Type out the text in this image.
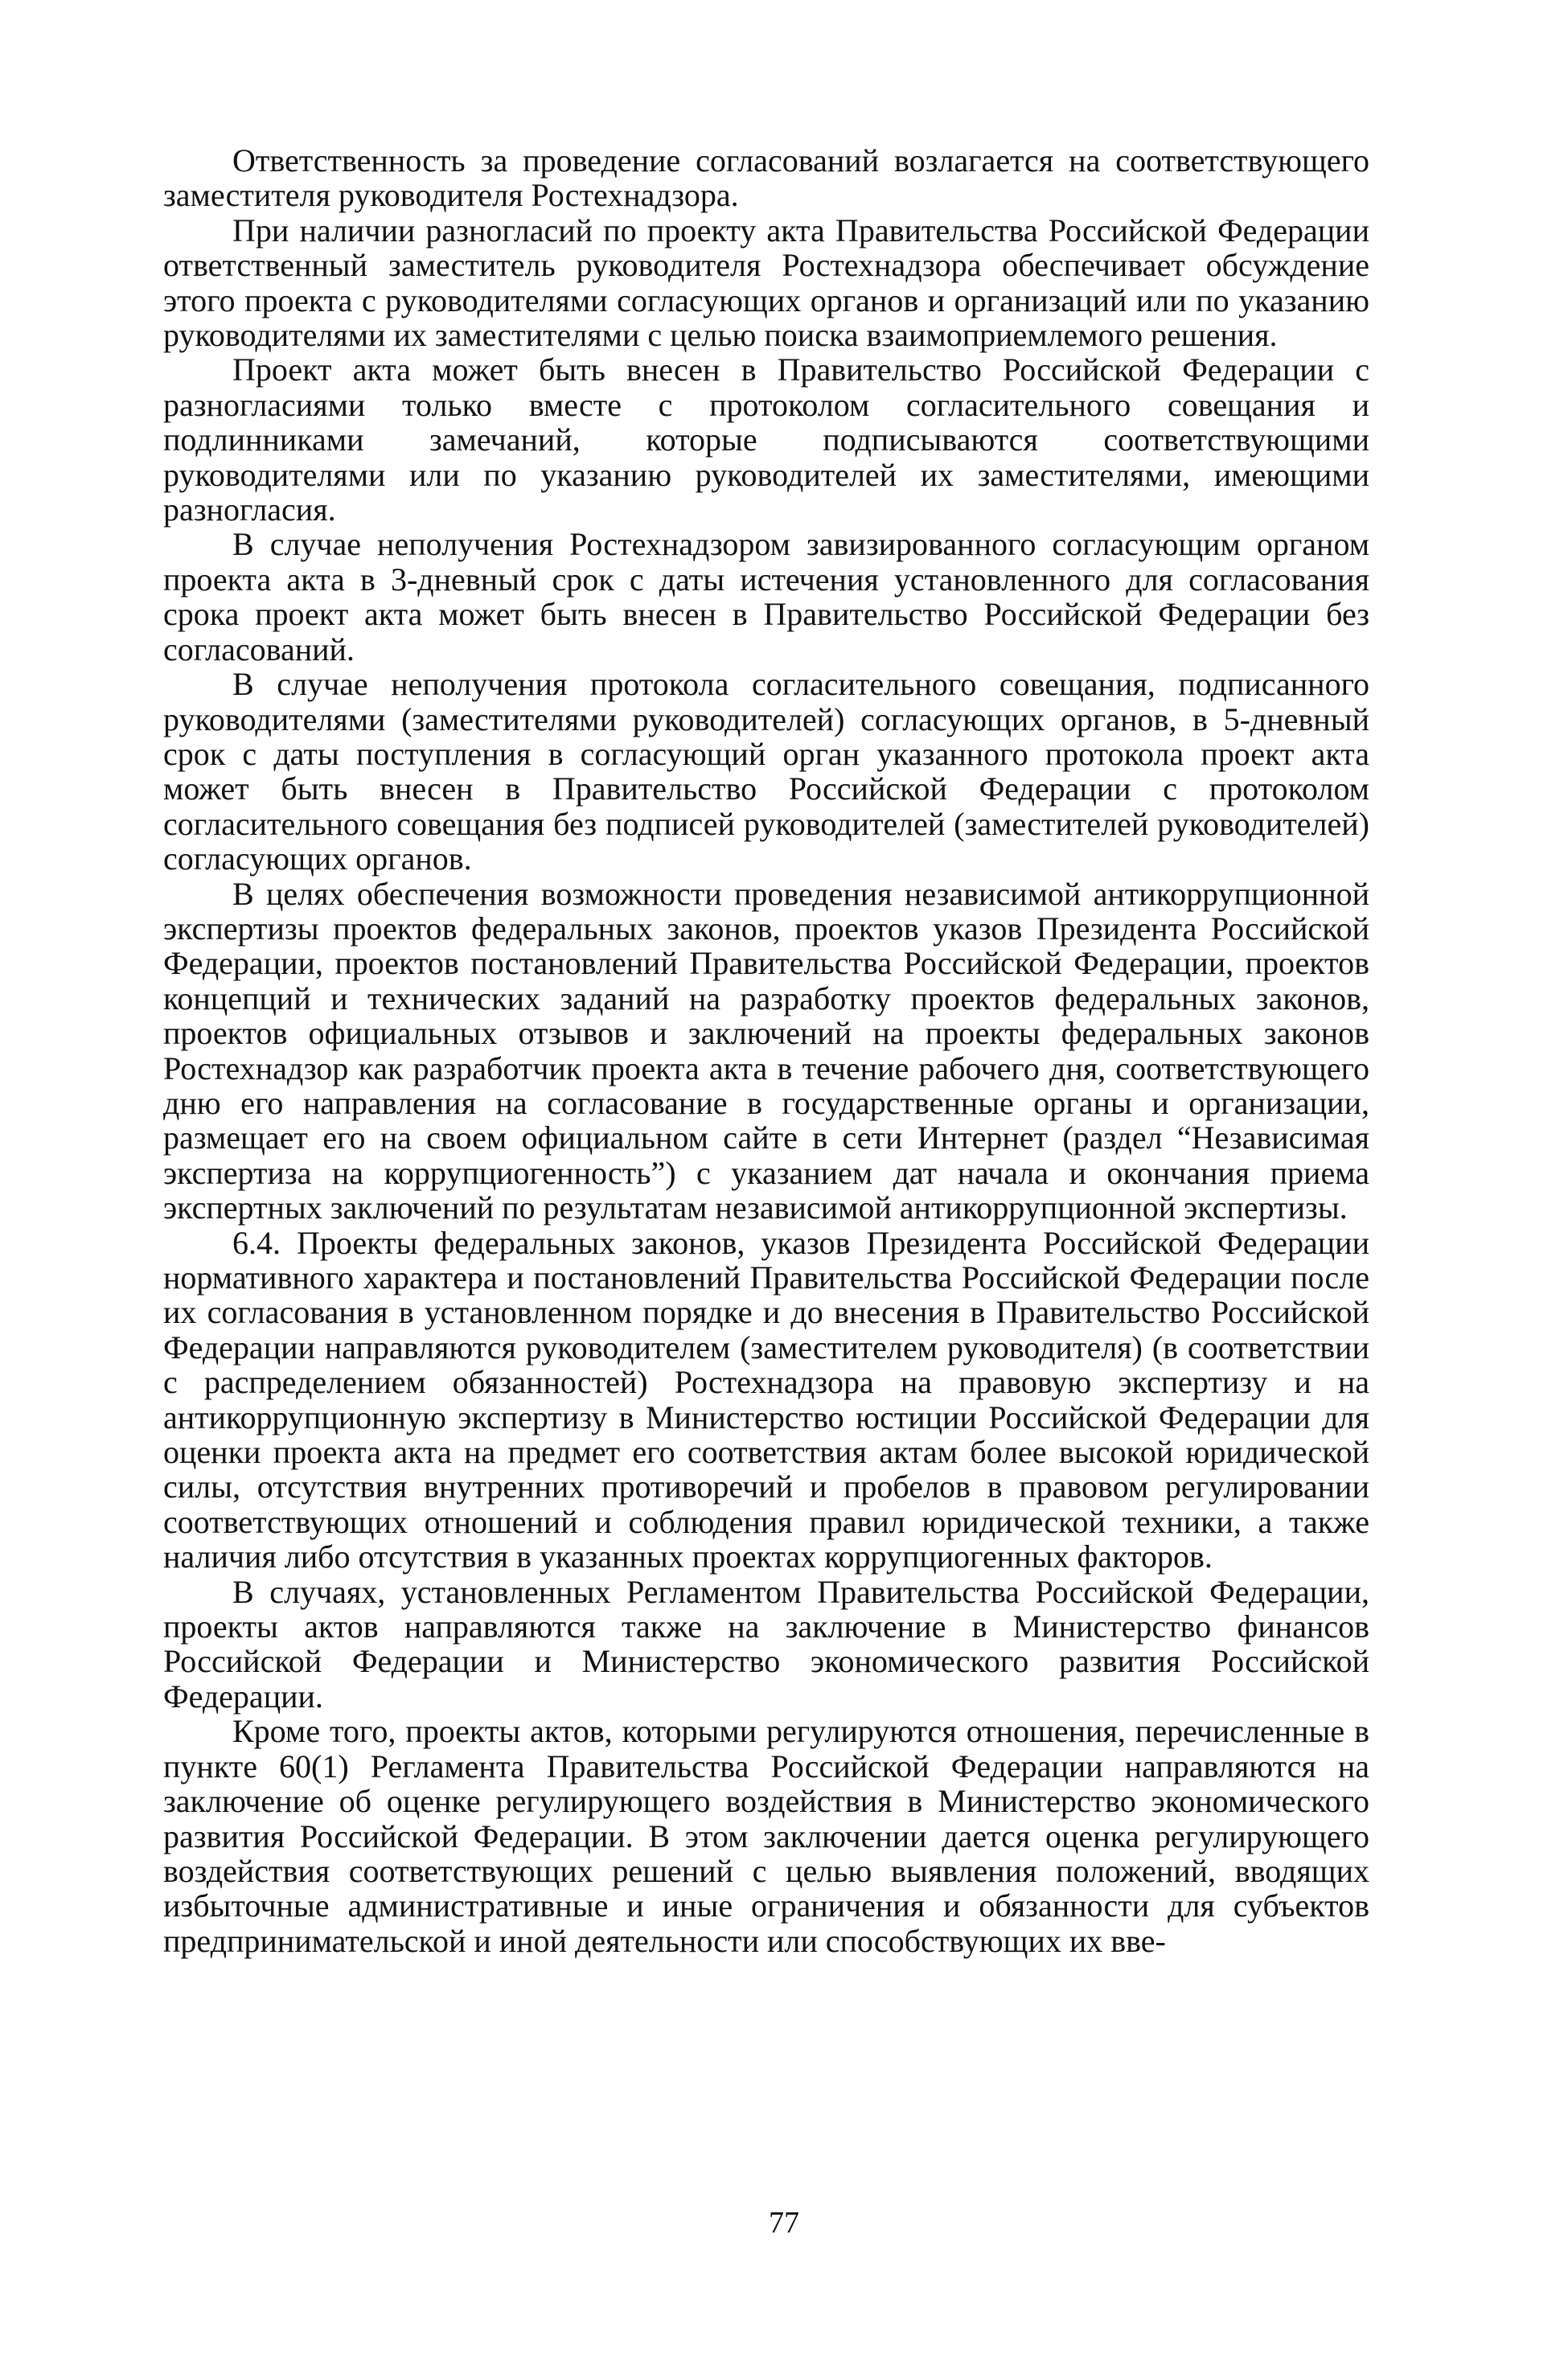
Ответственность за проведение согласований возлагается на соответствующего заместителя руководителя Ростехнадзора.

При наличии разногласий по проекту акта Правительства Российской Федерации ответственный заместитель руководителя Ростехнадзора обеспечивает обсуждение этого проекта с руководителями согласующих органов и организаций или по указанию руководителями их заместителями с целью поиска взаимоприемлемого решения.

Проект акта может быть внесен в Правительство Российской Федерации с разногласиями только вместе с протоколом согласительного совещания и подлинниками замечаний, которые подписываются соответствующими руководителями или по указанию руководителей их заместителями, имеющими разногласия.

В случае неполучения Ростехнадзором завизированного согласующим органом проекта акта в 3-дневный срок с даты истечения установленного для согласования срока проект акта может быть внесен в Правительство Российской Федерации без согласований.

В случае неполучения протокола согласительного совещания, подписанного руководителями (заместителями руководителей) согласующих органов, в 5-дневный срок с даты поступления в согласующий орган указанного протокола проект акта может быть внесен в Правительство Российской Федерации с протоколом согласительного совещания без подписей руководителей (заместителей руководителей) согласующих органов.

В целях обеспечения возможности проведения независимой антикоррупционной экспертизы проектов федеральных законов, проектов указов Президента Российской Федерации, проектов постановлений Правительства Российской Федерации, проектов концепций и технических заданий на разработку проектов федеральных законов, проектов официальных отзывов и заключений на проекты федеральных законов Ростехнадзор как разработчик проекта акта в течение рабочего дня, соответствующего дню его направления на согласование в государственные органы и организации, размещает его на своем официальном сайте в сети Интернет (раздел “Независимая экспертиза на коррупциогенность”) с указанием дат начала и окончания приема экспертных заключений по результатам независимой антикоррупционной экспертизы.

6.4. Проекты федеральных законов, указов Президента Российской Федерации нормативного характера и постановлений Правительства Российской Федерации после их согласования в установленном порядке и до внесения в Правительство Российской Федерации направляются руководителем (заместителем руководителя) (в соответствии с распределением обязанностей) Ростехнадзора на правовую экспертизу и на антикоррупционную экспертизу в Министерство юстиции Российской Федерации для оценки проекта акта на предмет его соответствия актам более высокой юридической силы, отсутствия внутренних противоречий и пробелов в правовом регулировании соответствующих отношений и соблюдения правил юридической техники, а также наличия либо отсутствия в указанных проектах коррупциогенных факторов.

В случаях, установленных Регламентом Правительства Российской Федерации, проекты актов направляются также на заключение в Министерство финансов Российской Федерации и Министерство экономического развития Российской Федерации.

Кроме того, проекты актов, которыми регулируются отношения, перечисленные в пункте 60(1) Регламента Правительства Российской Федерации направляются на заключение об оценке регулирующего воздействия в Министерство экономического развития Российской Федерации. В этом заключении дается оценка регулирующего воздействия соответствующих решений с целью выявления положений, вводящих избыточные административные и иные ограничения и обязанности для субъектов предпринимательской и иной деятельности или способствующих их вве-

77
